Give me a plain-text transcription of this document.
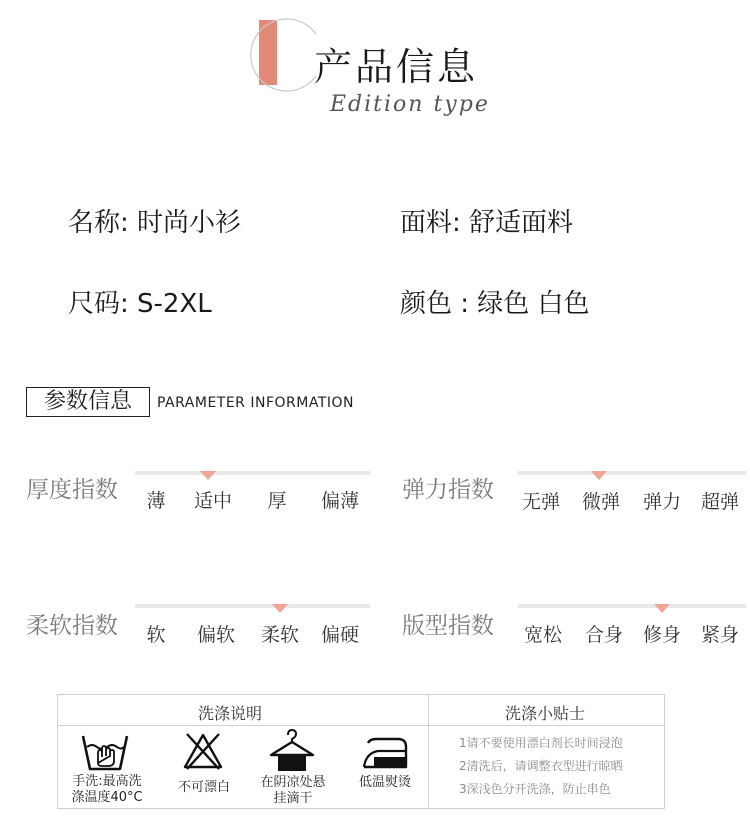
产品信息
Edition type
名称: 时尚小衫	面料: 舒适面料
尺码: S-2XL	颜色 : 绿色 白色
参数信息	PARAMETER INFORMATION
厚度指数	薄	适中	厚	偏薄	弹力指数	无弹	微弹	弹力	超弹
柔软指数	软	偏软	柔软	偏硬	版型指数	宽松	合身	修身	紧身
洗涤说明	洗涤小贴士
手洗:最高洗
涤温度40°C
不可漂白	在阴凉处悬
挂滴干
低温熨烫
1请不要使用漂白剂长时间浸泡
2清洗后，请调整衣型进行晾晒
3深浅色分开洗涤，防止串色
